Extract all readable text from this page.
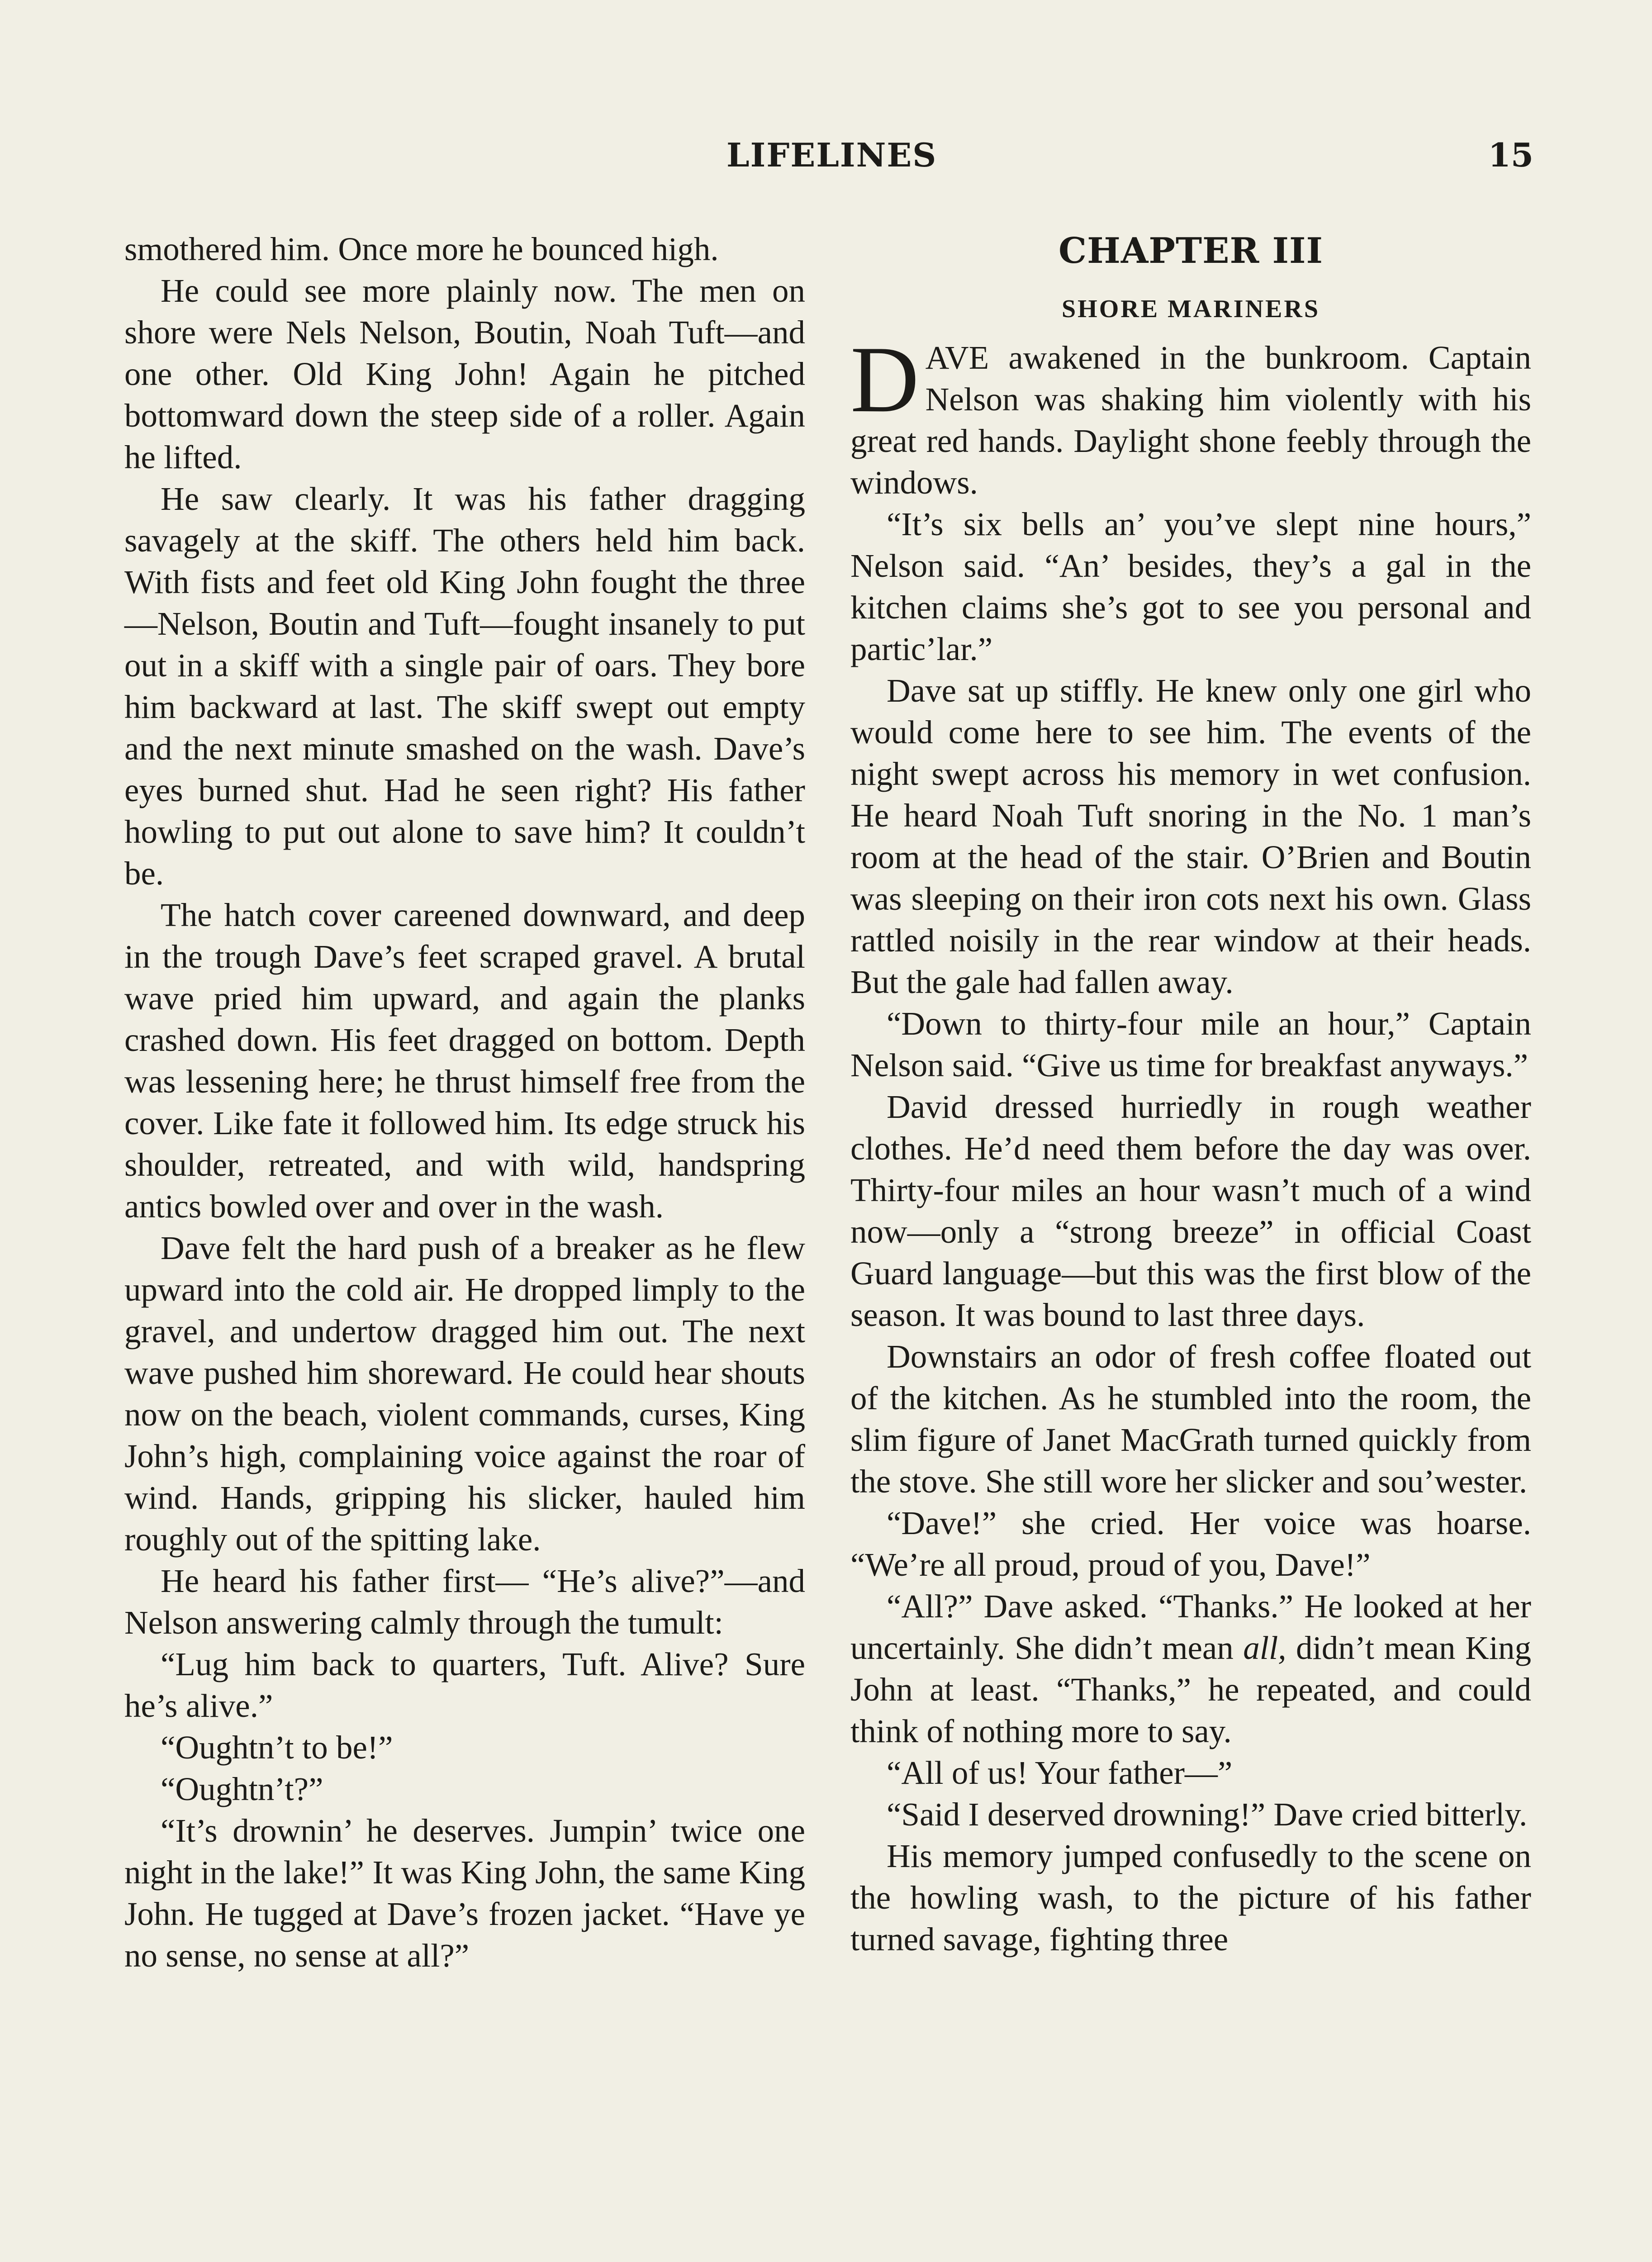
LIFELINES	15

smothered him. Once more he bounced high.

He could see more plainly now. The men on shore were Nels Nelson, Boutin, Noah Tuft—and one other. Old King John! Again he pitched bottomward down the steep side of a roller. Again he lifted.

He saw clearly. It was his father dragging savagely at the skiff. The others held him back. With fists and feet old King John fought the three—Nelson, Boutin and Tuft—fought insanely to put out in a skiff with a single pair of oars. They bore him backward at last. The skiff swept out empty and the next minute smashed on the wash. Dave’s eyes burned shut. Had he seen right? His father howling to put out alone to save him? It couldn’t be.

The hatch cover careened downward, and deep in the trough Dave’s feet scraped gravel. A brutal wave pried him upward, and again the planks crashed down. His feet dragged on bottom. Depth was lessening here; he thrust himself free from the cover. Like fate it followed him. Its edge struck his shoulder, retreated, and with wild, handspring antics bowled over and over in the wash.

Dave felt the hard push of a breaker as he flew upward into the cold air. He dropped limply to the gravel, and undertow dragged him out. The next wave pushed him shoreward. He could hear shouts now on the beach, violent commands, curses, King John’s high, complaining voice against the roar of wind. Hands, gripping his slicker, hauled him roughly out of the spitting lake.

He heard his father first— “He’s alive?”—and Nelson answering calmly through the tumult:

“Lug him back to quarters, Tuft. Alive? Sure he’s alive.”

“Oughtn’t to be!”

“Oughtn’t?”

“It’s drownin’ he deserves. Jumpin’ twice one night in the lake!” It was King John, the same King John. He tugged at Dave’s frozen jacket. “Have ye no sense, no sense at all?”

CHAPTER III
SHORE MARINERS

DAVE awakened in the bunkroom. Captain Nelson was shaking him violently with his great red hands. Daylight shone feebly through the windows.

“It’s six bells an’ you’ve slept nine hours,” Nelson said. “An’ besides, they’s a gal in the kitchen claims she’s got to see you personal and partic’lar.”

Dave sat up stiffly. He knew only one girl who would come here to see him. The events of the night swept across his memory in wet confusion. He heard Noah Tuft snoring in the No. 1 man’s room at the head of the stair. O’Brien and Boutin was sleeping on their iron cots next his own. Glass rattled noisily in the rear window at their heads. But the gale had fallen away.

“Down to thirty-four mile an hour,” Captain Nelson said. “Give us time for breakfast anyways.”

David dressed hurriedly in rough weather clothes. He’d need them before the day was over. Thirty-four miles an hour wasn’t much of a wind now—only a “strong breeze” in official Coast Guard language—but this was the first blow of the season. It was bound to last three days.

Downstairs an odor of fresh coffee floated out of the kitchen. As he stumbled into the room, the slim figure of Janet MacGrath turned quickly from the stove. She still wore her slicker and sou’wester.

“Dave!” she cried. Her voice was hoarse. “We’re all proud, proud of you, Dave!”

“All?” Dave asked. “Thanks.” He looked at her uncertainly. She didn’t mean all, didn’t mean King John at least. “Thanks,” he repeated, and could think of nothing more to say.

“All of us! Your father—”

“Said I deserved drowning!” Dave cried bitterly.

His memory jumped confusedly to the scene on the howling wash, to the picture of his father turned savage, fighting three
